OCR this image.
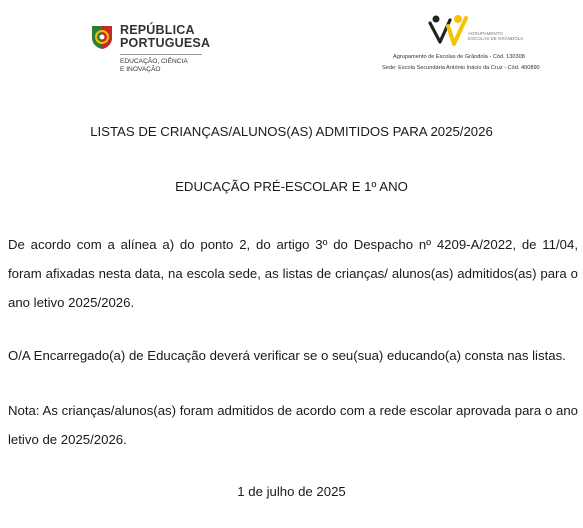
REPÚBLICA
PORTUGUESA
EDUCAÇÃO, CIÊNCIA
E INOVAÇÃO
AGRUPAMENTO
ESCOLAS DE GRÂNDOLA
Agrupamento de Escolas de Grândola - Cód. 130308
Sede: Escola Secundária António Inácio da Cruz - Cód. 400890
LISTAS DE CRIANÇAS/ALUNOS(AS) ADMITIDOS PARA 2025/2026
EDUCAÇÃO PRÉ-ESCOLAR E 1º ANO
De acordo com a alínea a) do ponto 2, do artigo 3º do Despacho nº 4209-A/2022, de 11/04, foram afixadas nesta data, na escola sede, as listas de crianças/ alunos(as) admitidos(as) para o ano letivo 2025/2026.
O/A Encarregado(a) de Educação deverá verificar se o seu(sua) educando(a) consta nas listas.
Nota: As crianças/alunos(as) foram admitidos de acordo com a rede escolar aprovada para o ano letivo de 2025/2026.
1 de julho de 2025
